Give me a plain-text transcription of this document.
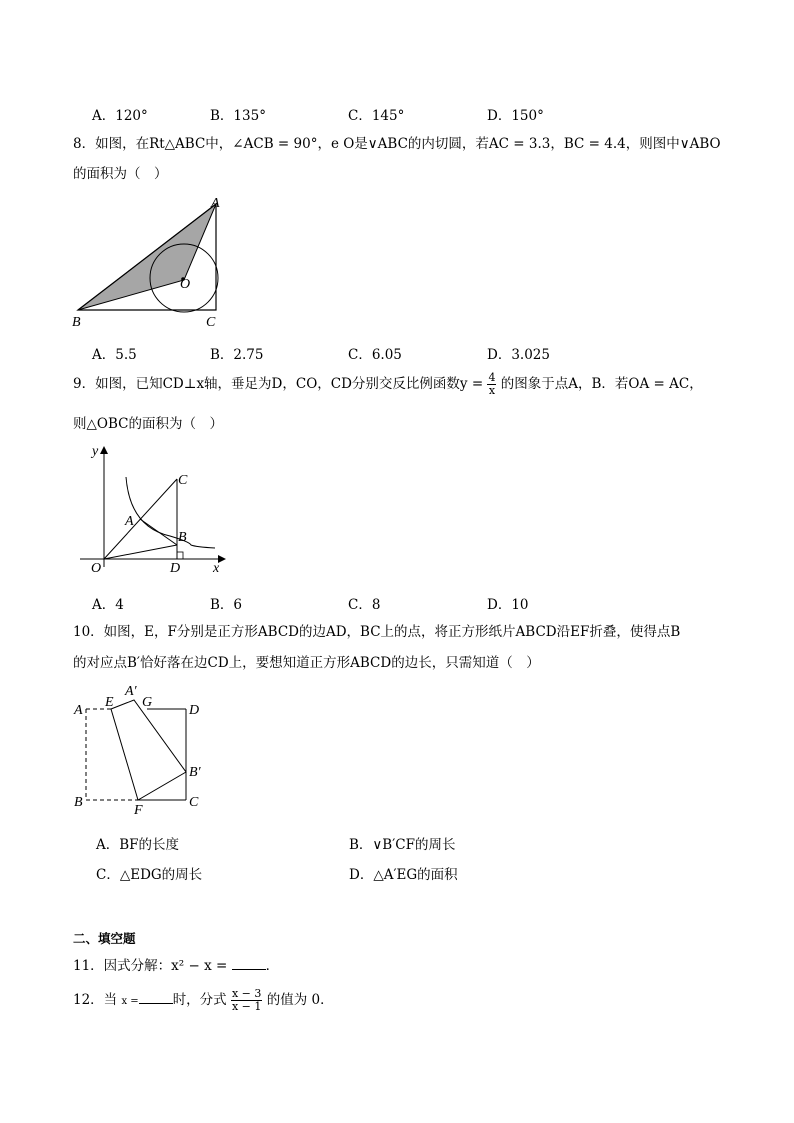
A．120°	B．135°	C．145°	D．150°
8．如图，在Rt△ABC中，∠ACB = 90°，e O是∨ABC的内切圆，若AC = 3.3，BC = 4.4，则图中∨ABO
的面积为（　）
A
B	C
O
A．5.5	B．2.75	C．6.05	D．3.025
9．如图，已知CD⊥x轴，垂足为D，CO，CD分别交反比例函数$y = \frac{4}{x}$ 的图象于点A，B．若OA = AC，
则△OBC的面积为（　）
y
x
O
A
B
C
D
A．4	B．6	C．8	D．10
10．如图，E，F分别是正方形ABCD的边AD，BC上的点，将正方形纸片ABCD沿EF折叠，使得点B
的对应点B′恰好落在边CD上，要想知道正方形ABCD的边长，只需知道（　）
A
E
A′
G
D
B′
B
F
C
A．BF的长度	B．∨B′CF的周长
C．△EDG的周长	D．△A′EG的面积
二、填空题
11．因式分解：x² − x =	．
12．当 x =	时，分式 $\frac{x - 3}{x - 1}$ 的值为 0．
